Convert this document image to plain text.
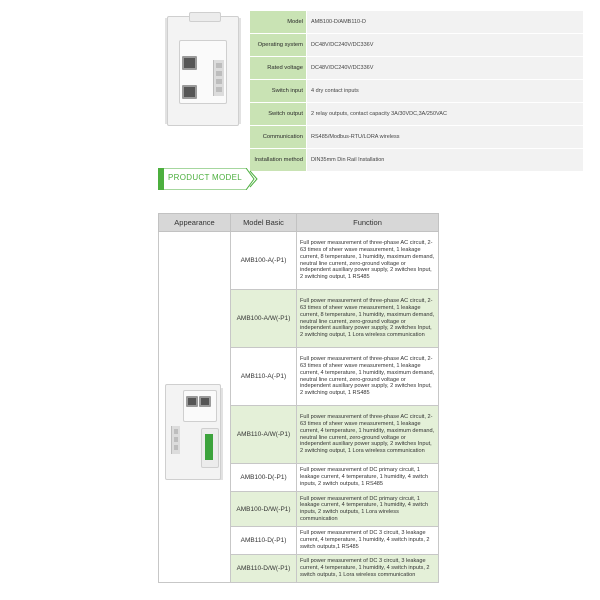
Model	AMB100-D/AMB110-D
Operating system	DC48V/DC240V/DC336V
Rated voltage	DC48V/DC240V/DC336V
Switch input	4 dry contact inputs
Switch output	2 relay outputs, contact capacity 3A/30VDC,3A/250VAC
Communication	RS485/Modbus-RTU/LORA wireless
Installation method	DIN35mm Din Rail Installation
PRODUCT MODEL
Appearance	Model Basic	Function

	AMB100-A(-P1)	Full power measurement of three-phase AC circuit, 2-63 times of sheer wave measurement, 1 leakage current, 8 temperature, 1 humidity, maximum demand, neutral line current, zero-ground voltage or independent auxiliary power supply, 2 switches Input, 2 switching output, 1 RS485
	AMB100-A/W(-P1)	Full power measurement of three-phase AC circuit, 2-63 times of sheer wave measurement, 1 leakage current, 8 temperature, 1 humidity, maximum demand, neutral line current, zero-ground voltage or independent auxiliary power supply, 2 switches Input, 2 switching output, 1 Lora wireless communication
	AMB110-A(-P1)	Full power measurement of three-phase AC circuit, 2-63 times of sheer wave measurement, 1 leakage current, 4 temperature, 1 humidity, maximum demand, neutral line current, zero-ground voltage or independent auxiliary power supply, 2 switches Input, 2 switching output, 1 RS485
	AMB110-A/W(-P1)	Full power measurement of three-phase AC circuit, 2-63 times of sheer wave measurement, 1 leakage current, 4 temperature, 1 humidity, maximum demand, neutral line current, zero-ground voltage or independent auxiliary power supply, 2 switches Input, 2 switching output, 1 Lora wireless communication
	AMB100-D(-P1)	Full power measurement of DC primary circuit, 1 leakage current, 4 temperature, 1 humidity, 4 switch inputs, 2 switch outputs, 1 RS485
	AMB100-D/W(-P1)	Full power measurement of DC primary circuit, 1 leakage current, 4 temperature, 1 humidity, 4 switch inputs, 2 switch outputs, 1 Lora wireless communication
	AMB110-D(-P1)	Full power measurement of DC 3 circuit, 3 leakage current, 4 temperature, 1 humidity, 4 switch inputs, 2 switch outputs,1 RS485
	AMB110-D/W(-P1)	Full power measurement of DC 3 circuit, 3 leakage current, 4 temperature, 1 humidity, 4 switch inputs, 2 switch outputs, 1 Lora wireless communication
